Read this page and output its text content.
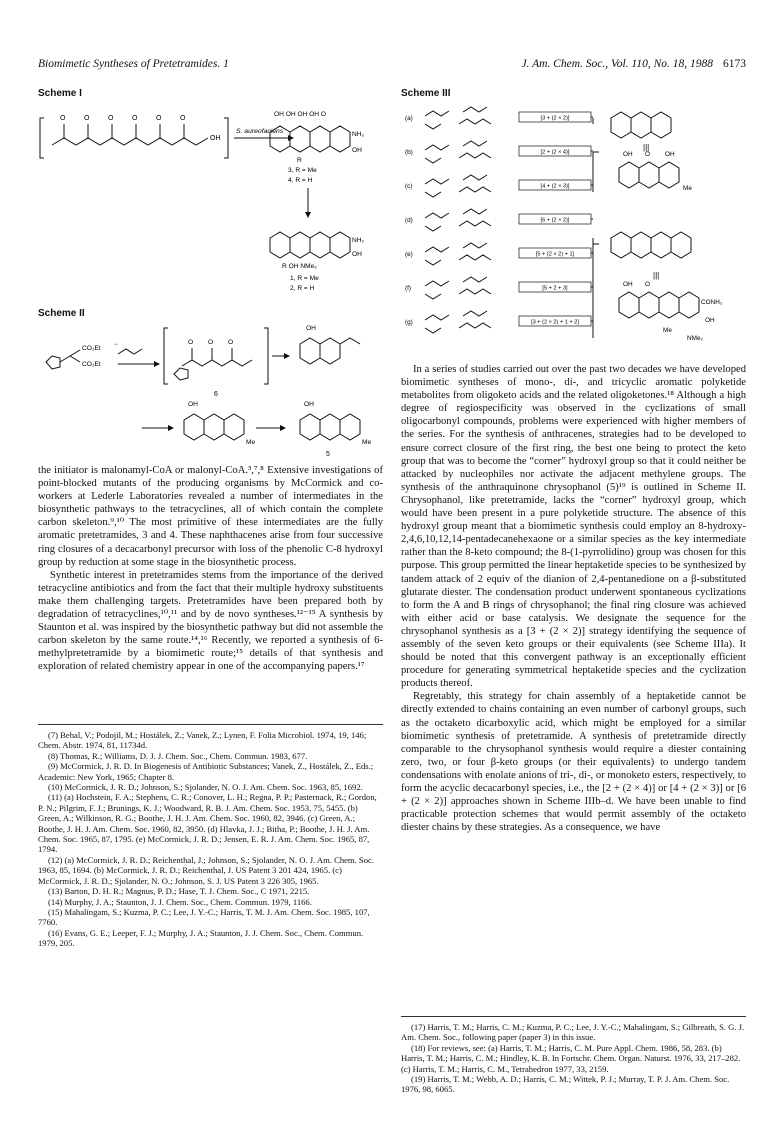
Biomimetic Syntheses of Pretetramides. 1	J. Am. Chem. Soc., Vol. 110, No. 18, 1988 6173
Scheme I
O	O	O	O	O	O
OH
S. aureofaciens
OH OH OH OH O
NH₂
OH
R
3, R = Me
4, R = H
NH₂
OH
R OH NMe₂
1, R = Me
2, R = H
Scheme II
CO₂Et
CO₂Et
−	O O O
6
OH
OH
Me
OH
Me
5

the initiator is malonamyl-CoA or malonyl-CoA.³,⁷,⁸ Extensive investigations of point-blocked mutants of the producing organisms by McCormick and co-workers at Lederle Laboratories revealed a number of intermediates in the biosynthetic pathways to the tetracyclines, all of which contain the complete carbon skeleton.⁹,¹⁰ The most primitive of these intermediates are the fully aromatic pretetramides, 3 and 4. These naphthacenes arise from four successive ring closures of a decacarbonyl precursor with loss of the phenolic C-8 hydroxyl group by reduction at some stage in the biosynthetic process.

Synthetic interest in pretetramides stems from the importance of the derived tetracycline antibiotics and from the fact that their multiple hydroxy substituents make them challenging targets. Pretetramides have been prepared both by degradation of tetracyclines,¹⁰,¹¹ and by de novo syntheses.¹²⁻¹⁵ A synthesis by Staunton et al. was inspired by the biosynthetic pathway but did not assemble the carbon skeleton by the same route.¹⁴,¹⁶ Recently, we reported a synthesis of 6-methylpretetramide by a biomimetic route;¹⁵ details of that synthesis and exploration of related chemistry appear in one of the accompanying papers.¹⁷

(7) Behal, V.; Podojil, M.; Hostálek, Z.; Vanek, Z.; Lynen, F. Folia Microbiol. 1974, 19, 146; Chem. Abstr. 1974, 81, 11734d.
(8) Thomas, R.; Williams, D. J. J. Chem. Soc., Chem. Commun. 1983, 677.
(9) McCormick, J. R. D. In Biogenesis of Antibiotic Substances; Vanek, Z., Hostálek, Z., Eds.; Academic: New York, 1965; Chapter 8.
(10) McCormick, J. R. D.; Johnson, S.; Sjolander, N. O. J. Am. Chem. Soc. 1963, 85, 1692.
(11) (a) Hochstein, F. A.; Stephens, C. R.; Conover, L. H.; Regna, P. P.; Pasternack, R.; Gordon, P. N.; Pilgrim, F. J.; Brunings, K. J.; Woodward, R. B. J. Am. Chem. Soc. 1953, 75, 5455. (b) Green, A.; Wilkinson, R. G.; Boothe, J. H. J. Am. Chem. Soc. 1960, 82, 3946. (c) Green, A.; Boothe, J. H. J. Am. Chem. Soc. 1960, 82, 3950. (d) Hlavka, J. J.; Bitha, P.; Boothe, J. H. J. Am. Chem. Soc. 1965, 87, 1795. (e) McCormick, J. R. D.; Jensen, E. R. J. Am. Chem. Soc. 1965, 87, 1794.
(12) (a) McCormick, J. R. D.; Reichenthal, J.; Johnson, S.; Sjolander, N. O. J. Am. Chem. Soc. 1963, 85, 1694. (b) McCormick, J. R. D.; Reichenthal, J. US Patent 3 201 424, 1965. (c) McCormick, J. R. D.; Sjolander, N. O.; Johnson, S. J. US Patent 3 226 305, 1965.
(13) Barton, D. H. R.; Magnus, P. D.; Hase, T. J. Chem. Soc., C 1971, 2215.
(14) Murphy, J. A.; Staunton, J. J. Chem. Soc., Chem. Commun. 1979, 1166.
(15) Mahalingam, S.; Kuzma, P. C.; Lee, J. Y.-C.; Harris, T. M. J. Am. Chem. Soc. 1985, 107, 7760.
(16) Evans, G. E.; Leeper, F. J.; Murphy, J. A.; Staunton, J. J. Chem. Soc., Chem. Commun. 1979, 205.
Scheme III
(a)	[3 + (2 × 2)]
(b)	[2 + (2 × 4)]
(c)	[4 + (2 × 3)]
(d)	[6 + (2 × 2)]
(e)	[5 + (2 × 2) + 1]
(f)	[5 + 2 + 3]
(g)	[3 + (2 × 2) + 1 + 2]
|||
OH O OH
Me
|||
OH O
CONH₂
OH
Me
NMe₂

In a series of studies carried out over the past two decades we have developed biomimetic syntheses of mono-, di-, and tricyclic aromatic polyketide metabolites from oligoketo acids and the related oligoketones.¹⁸ Although a high degree of regiospecificity was observed in the cyclizations of small oligocarbonyl compounds, problems were experienced with higher members of the series. For the synthesis of anthracenes, strategies had to be developed to ensure correct closure of the first ring, the best one being to protect the keto group that was to become the “corner” hydroxyl group so that it could neither be attacked by nucleophiles nor activate the adjacent methylene groups. The synthesis of the anthraquinone chrysophanol (5)¹⁹ is outlined in Scheme II. Chrysophanol, like pretetramide, lacks the “corner” hydroxyl group, which would have been present in a pure polyketide structure. The absence of this hydroxyl group meant that a biomimetic synthesis could employ an 8-hydroxy-2,4,6,10,12,14-pentadecanehexaone or a similar species as the key intermediate rather than the 8-keto compound; the 8-(1-pyrrolidino) group was chosen for this purpose. This group permitted the linear heptaketide species to be synthesized by tandem attack of 2 equiv of the dianion of 2,4-pentanedione on a β-substituted glutarate diester. The condensation product underwent spontaneous cyclizations to form the A and B rings of chrysophanol; the final ring closure was achieved with either acid or base catalysis. We designate the sequence for the chrysophanol synthesis as a [3 + (2 × 2)] strategy identifying the sequence of assembly of the seven keto groups or their equivalents (see Scheme IIIa). It should be noted that this convergent pathway is an exceptionally efficient procedure for generating symmetrical heptaketide species and the cyclization products thereof.

Regretably, this strategy for chain assembly of a heptaketide cannot be directly extended to chains containing an even number of carbonyl groups, such as the octaketo dicarboxylic acid, which might be employed for a similar biomimetic synthesis of pretetramide. A synthesis of pretetramide directly comparable to the chrysophanol synthesis would require a diester containing zero, two, or four β-keto groups (or their equivalents) to undergo tandem condensations with enolate anions of tri-, di-, or monoketo esters, respectively, to form the acyclic decacarbonyl species, i.e., the [2 + (2 × 4)] or [4 + (2 × 3)] or [6 + (2 × 2)] approaches shown in Scheme IIIb–d. We have been unable to find practicable protection schemes that would permit assembly of the octaketo diester chains by these strategies. As a consequence, we have

(17) Harris, T. M.; Harris, C. M.; Kuzma, P. C.; Lee, J. Y.-C.; Mahalingam, S.; Gilbreath, S. G. J. Am. Chem. Soc., following paper (paper 3) in this issue.
(18) For reviews, see: (a) Harris, T. M.; Harris, C. M. Pure Appl. Chem. 1986, 58, 283. (b) Harris, T. M.; Harris, C. M.; Hindley, K. B. In Fortschr. Chem. Organ. Naturst. 1976, 33, 217–282. (c) Harris, T. M.; Harris, C. M., Tetrahedron 1977, 33, 2159.
(19) Harris, T. M.; Webb, A. D.; Harris, C. M.; Wittek, P. J.; Murray, T. P. J. Am. Chem. Soc. 1976, 98, 6065.
